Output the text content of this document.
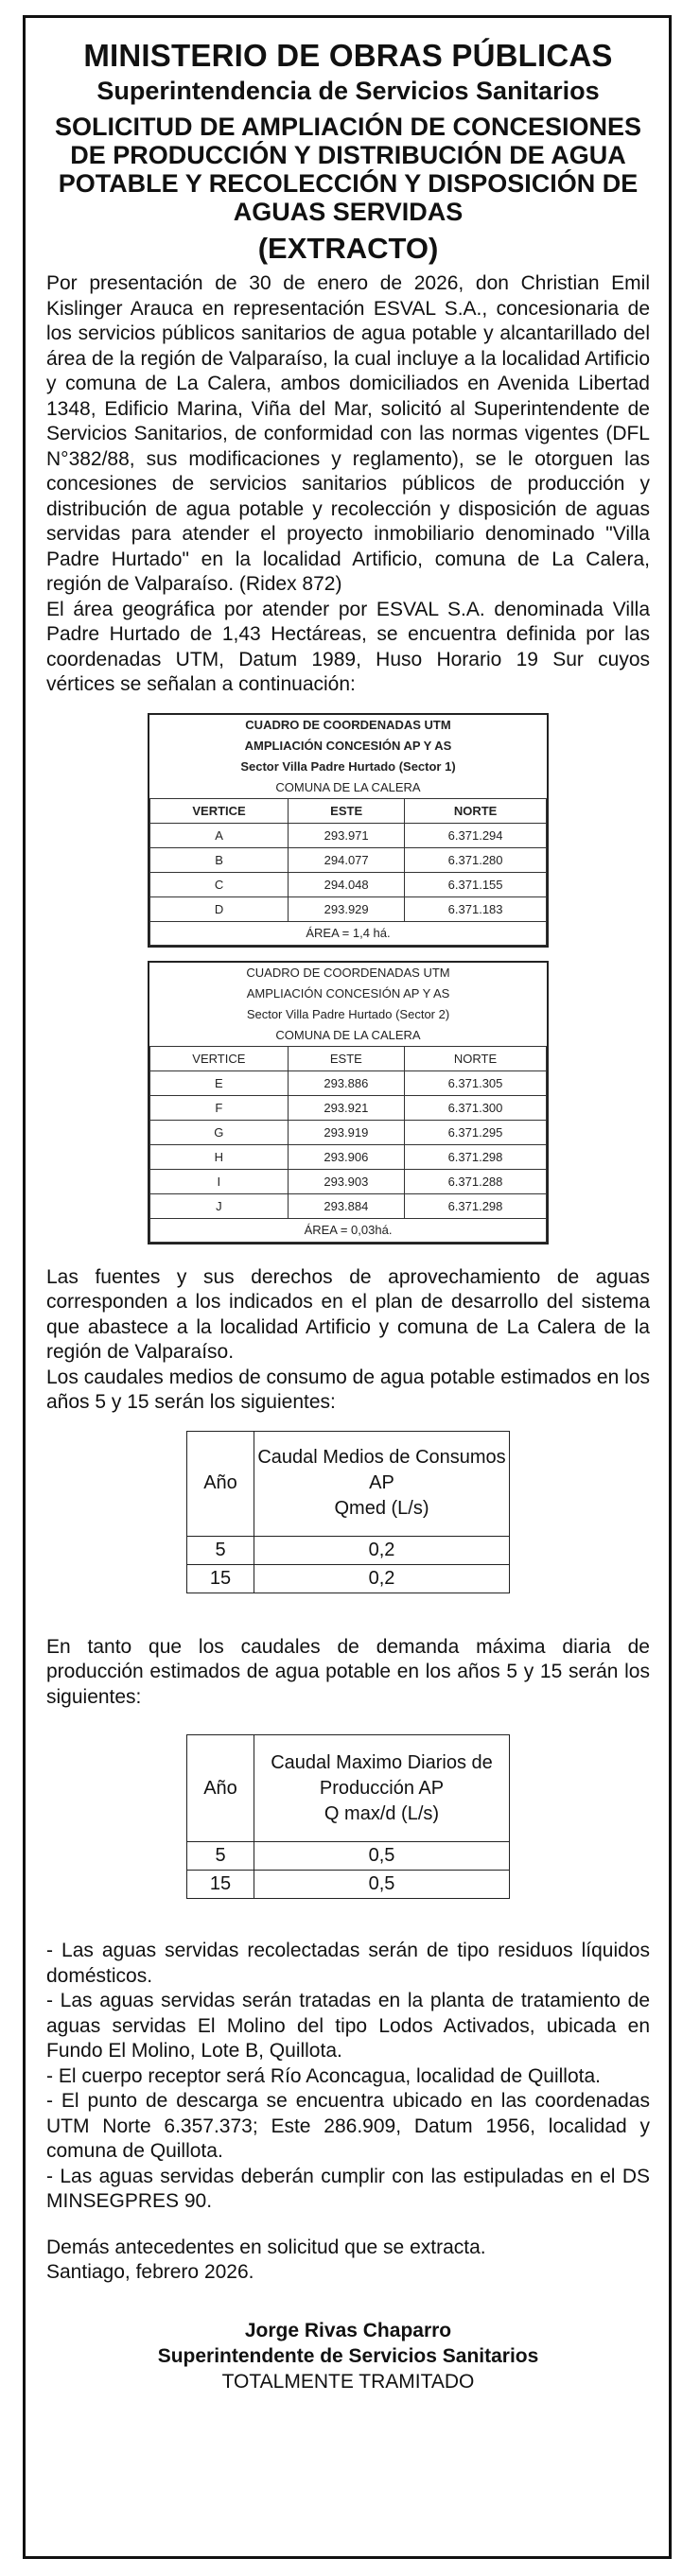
MINISTERIO DE OBRAS PÚBLICAS
Superintendencia de Servicios Sanitarios
SOLICITUD DE AMPLIACIÓN DE CONCESIONES
DE PRODUCCIÓN Y DISTRIBUCIÓN DE AGUA
POTABLE Y RECOLECCIÓN Y DISPOSICIÓN DE
AGUAS SERVIDAS
(EXTRACTO)

Por presentación de 30 de enero de 2026, don Christian Emil Kislinger Arauca en representación ESVAL S.A., concesionaria de los servicios públicos sanitarios de agua potable y alcantarillado del área de la región de Valparaíso, la cual incluye a la localidad Artificio y comuna de La Calera, ambos domiciliados en Avenida Libertad 1348, Edificio Marina, Viña del Mar, solicitó al Superintendente de Servicios Sanitarios, de conformidad con las normas vigentes (DFL N°382/88, sus modificaciones y reglamento), se le otorguen las concesiones de servicios sanitarios públicos de producción y distribución de agua potable y recolección y disposición de aguas servidas para atender el proyecto inmobiliario denominado "Villa Padre Hurtado" en la localidad Artificio, comuna de La Calera, región de Valparaíso. (Ridex 872)

El área geográfica por atender por ESVAL S.A. denominada Villa Padre Hurtado de 1,43 Hectáreas, se encuentra definida por las coordenadas UTM, Datum 1989, Huso Horario 19 Sur cuyos vértices se señalan a continuación:

CUADRO DE COORDENADAS UTM
AMPLIACIÓN CONCESIÓN AP Y AS
Sector Villa Padre Hurtado (Sector 1)
COMUNA DE LA CALERA
VERTICE	ESTE	NORTE
A	293.971	6.371.294
B	294.077	6.371.280
C	294.048	6.371.155
D	293.929	6.371.183
ÁREA = 1,4 há.		
CUADRO DE COORDENADAS UTM
AMPLIACIÓN CONCESIÓN AP Y AS
Sector Villa Padre Hurtado (Sector 2)
COMUNA DE LA CALERA
VERTICE	ESTE	NORTE
E	293.886	6.371.305
F	293.921	6.371.300
G	293.919	6.371.295
H	293.906	6.371.298
I	293.903	6.371.288
J	293.884	6.371.298
ÁREA = 0,03há.		

Las fuentes y sus derechos de aprovechamiento de aguas corresponden a los indicados en el plan de desarrollo del sistema que abastece a la localidad Artificio y comuna de La Calera de la región de Valparaíso.

Los caudales medios de consumo de agua potable estimados en los años 5 y 15 serán los siguientes:

Año	Caudal Medios de Consumos
AP
Qmed (L/s)

5	0,2
15	0,2

En tanto que los caudales de demanda máxima diaria de producción estimados de agua potable en los años 5 y 15 serán los siguientes:

Año	Caudal Maximo Diarios de
Producción AP
Q max/d (L/s)

5	0,5
15	0,5
- Las aguas servidas recolectadas serán de tipo residuos líquidos domésticos.
- Las aguas servidas serán tratadas en la planta de tratamiento de aguas servidas El Molino del tipo Lodos Activados, ubicada en Fundo El Molino, Lote B, Quillota.
- El cuerpo receptor será Río Aconcagua, localidad de Quillota.
- El punto de descarga se encuentra ubicado en las coordenadas UTM Norte 6.357.373; Este 286.909, Datum 1956, localidad y comuna de Quillota.
- Las aguas servidas deberán cumplir con las estipuladas en el DS MINSEGPRES 90.
Demás antecedentes en solicitud que se extracta.
Santiago, febrero 2026.
Jorge Rivas Chaparro
Superintendente de Servicios Sanitarios
TOTALMENTE TRAMITADO
